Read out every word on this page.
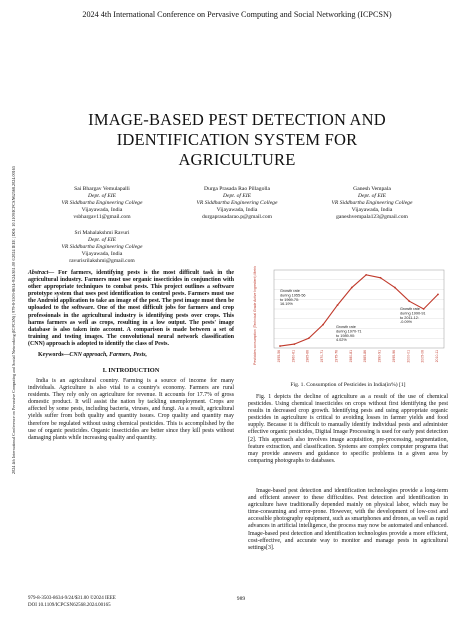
2024 4th International Conference on Pervasive Computing and Social Networking (ICPCSN)
2024 4th International Conference on Pervasive Computing and Social Networking (ICPCSN) | 979-8-3503-8634-9/24/$31.00 ©2024 IEEE | DOI: 10.1109/ICPCSN62568.2024.00165
IMAGE-BASED PEST DETECTION AND
IDENTIFICATION SYSTEM FOR
AGRICULTURE
Sai Bhargav Vemulapalli
Dept. of EIE
VR Siddhartha Engineering College
Vijayawada, India
vsbhargav11@gmail.com
Durga Prasada Rao Pillagolla
Dept. of EIE
VR Siddhartha Engineering College
Vijayawada, India
durgaprasadarao.p@gmail.com
Ganesh Vempala
Dept. of EIE
VR Siddhartha Engineering College
Vijayawada, India
ganeshvempala123@gmail.com
Sri Mahalakshmi Ravuri
Dept. of EIE
VR Siddhartha Engineering College
Vijayawada, India
ravurisrilakshmi@gmail.com
Abstract— For farmers, identifying pests is the most difficult task in the agricultural industry. Farmers must use organic insecticides in conjunction with other appropriate techniques to combat pests. This project outlines a software prototype system that uses pest identification to control pests. Farmers must use the Android application to take an image of the pest. The pest image must then be uploaded to the software. One of the most difficult jobs for farmers and crop professionals in the agricultural industry is identifying pests over crops. This harms farmers as well as crops, resulting in a low output. The pests' image database is also taken into account. A comparison is made between a set of training and testing images. The convolutional neural network classification (CNN) approach is adopted to identify the class of Pests.
Keywords—CNN approach, Farmers, Pests,
I. INTRODUCTION
India is an agricultural country. Farming is a source of income for many individuals. Agriculture is also vital to a country's economy. Farmers are rural residents. They rely only on agriculture for revenue. It accounts for 17.7% of gross domestic product. It will assist the nation by tackling unemployment. Crops are affected by some pests, including bacteria, viruses, and fungi. As a result, agricultural yields suffer from both quality and quantity issues. Crop quality and quantity may therefore be regulated without using chemical pesticides. This is accomplished by the use of organic pesticides. Organic insecticides are better since they kill pests without damaging plants while increasing quality and quantity.
1955-56	1960-61	1965-66	1970-71	1975-76	1980-81	1985-86	1990-91	1995-96	2000-01	2005-06	2010-11
Growth rate during 1955-56 to 1969-70: 16.19%
Growth rate during 1970-71 to 1989-90: 4.02%
Growth rate during 1990-91 to 2011-12: -0.09%
Pesticides consumption (Technical Grade Active Ingredient) Metric Tonne
Fig. 1. Consumption of Pesticides in India(in%) [1]
Fig. 1 depicts the decline of agriculture as a result of the use of chemical pesticides. Using chemical insecticides on crops without first identifying the pest results in decreased crop growth. Identifying pests and using appropriate organic pesticides in agriculture is critical to avoiding losses in farmer yields and food supply. Because it is difficult to manually identify individual pests and administer effective organic pesticides, Digital Image Processing is used for early pest detection [2]. This approach also involves image acquisition, pre-processing, segmentation, feature extraction, and classification. Systems are complex computer programs that may provide answers and guidance to specific problems in a given area by comparing photographs to databases.
Image-based pest detection and identification technologies provide a long-term and efficient answer to these difficulties. Pest detection and identification in agriculture have traditionally depended mainly on physical labor, which may be time-consuming and error-prone. However, with the development of low-cost and accessible photography equipment, such as smartphones and drones, as well as rapid advances in artificial intelligence, the process may now be automated and enhanced. Image-based pest detection and identification technologies provide a more efficient, cost-effective, and accurate way to monitor and manage pests in agricultural settings[3].
979-8-3503-8634-9/24/$31.00 ©2024 IEEE
DOI 10.1109/ICPCSN62568.2024.00165
989
